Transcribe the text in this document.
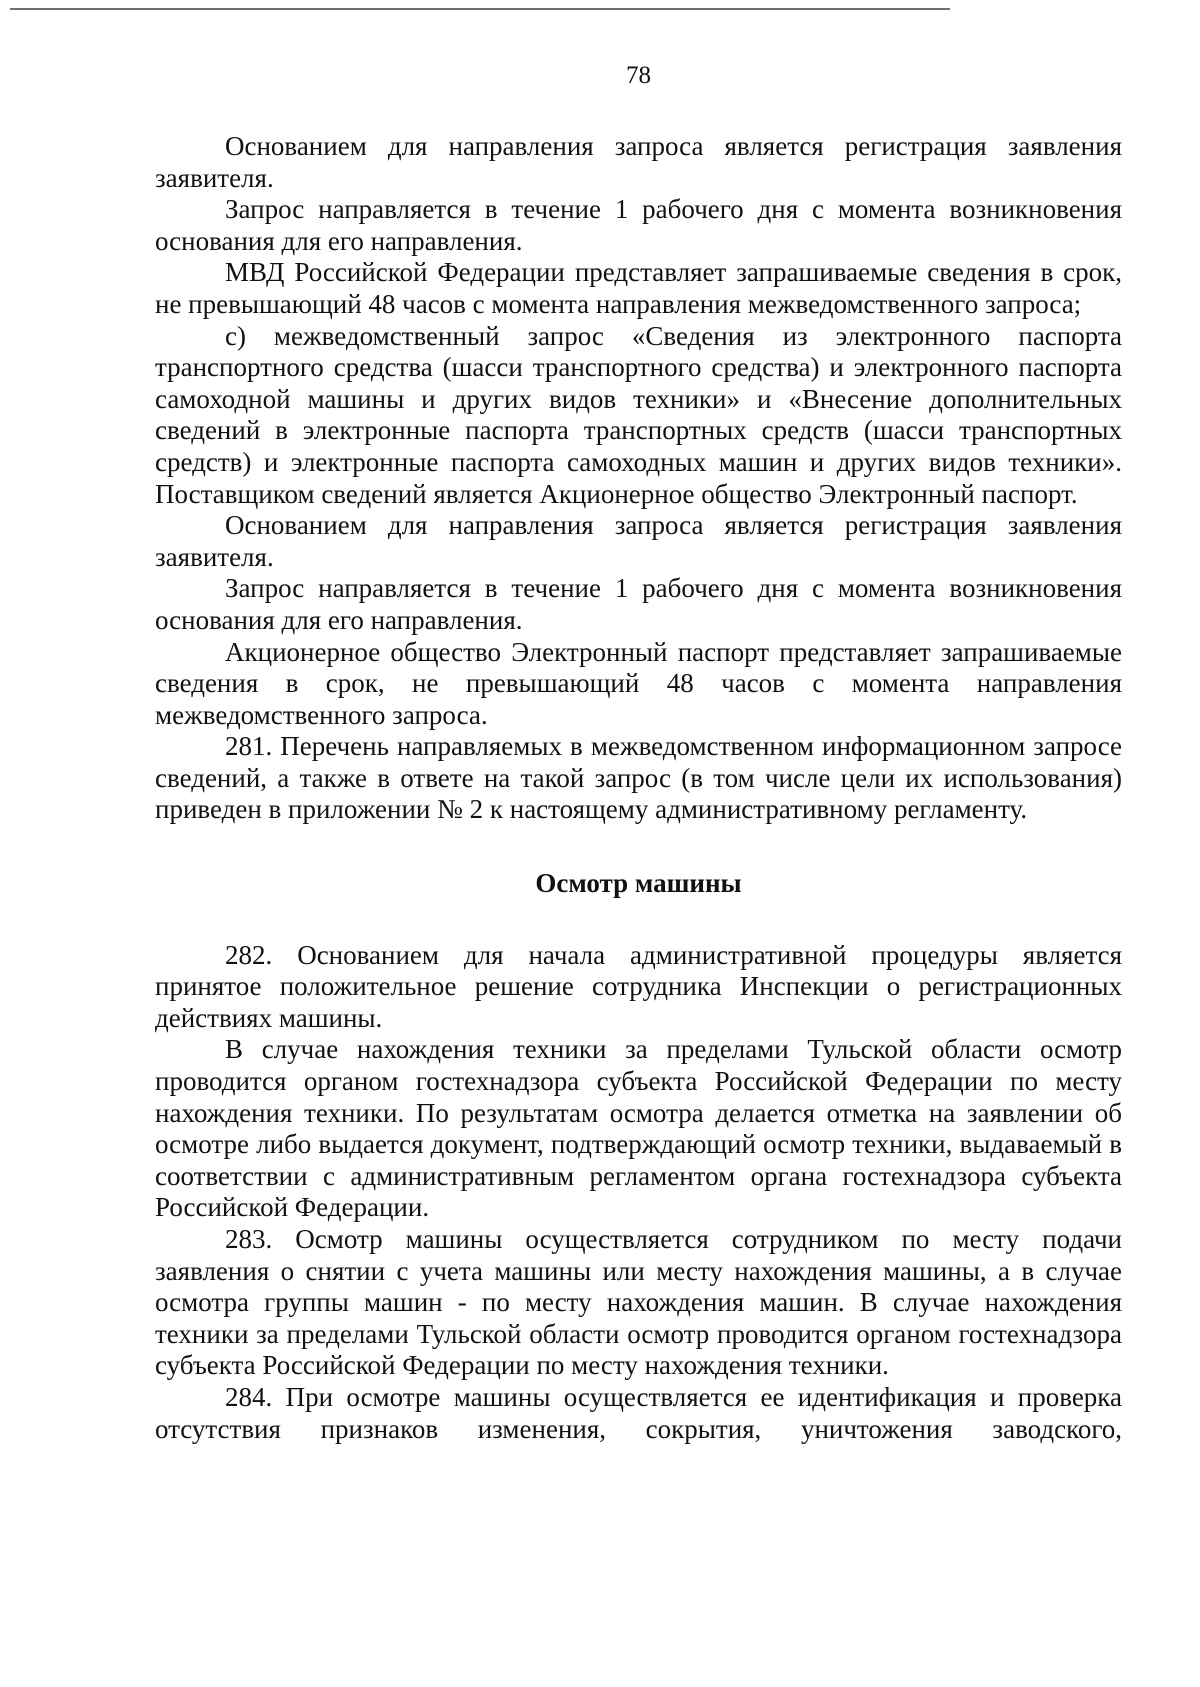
78

Основанием для направления запроса является регистрация заявления заявителя.

Запрос направляется в течение 1 рабочего дня с момента возникновения основания для его направления.

МВД Российской Федерации представляет запрашиваемые сведения в срок, не превышающий 48 часов с момента направления межведомственного запроса;

с) межведомственный запрос «Сведения из электронного паспорта транспортного средства (шасси транспортного средства) и электронного паспорта самоходной машины и других видов техники» и «Внесение дополнительных сведений в электронные паспорта транспортных средств (шасси транспортных средств) и электронные паспорта самоходных машин и других видов техники». Поставщиком сведений является Акционерное общество Электронный паспорт.

Основанием для направления запроса является регистрация заявления заявителя.

Запрос направляется в течение 1 рабочего дня с момента возникновения основания для его направления.

Акционерное общество Электронный паспорт представляет запрашиваемые сведения в срок, не превышающий 48 часов с момента направления межведомственного запроса.

281. Перечень направляемых в межведомственном информационном запросе сведений, а также в ответе на такой запрос (в том числе цели их использования) приведен в приложении № 2 к настоящему административному регламенту.

Осмотр машины

282. Основанием для начала административной процедуры является принятое положительное решение сотрудника Инспекции о регистрационных действиях машины.

В случае нахождения техники за пределами Тульской области осмотр проводится органом гостехнадзора субъекта Российской Федерации по месту нахождения техники. По результатам осмотра делается отметка на заявлении об осмотре либо выдается документ, подтверждающий осмотр техники, выдаваемый в соответствии с административным регламентом органа гостехнадзора субъекта Российской Федерации.

283. Осмотр машины осуществляется сотрудником по месту подачи заявления о снятии с учета машины или месту нахождения машины, а в случае осмотра группы машин - по месту нахождения машин. В случае нахождения техники за пределами Тульской области осмотр проводится органом гостехнадзора субъекта Российской Федерации по месту нахождения техники.

284. При осмотре машины осуществляется ее идентификация и проверка отсутствия признаков изменения, сокрытия, уничтожения заводского,
